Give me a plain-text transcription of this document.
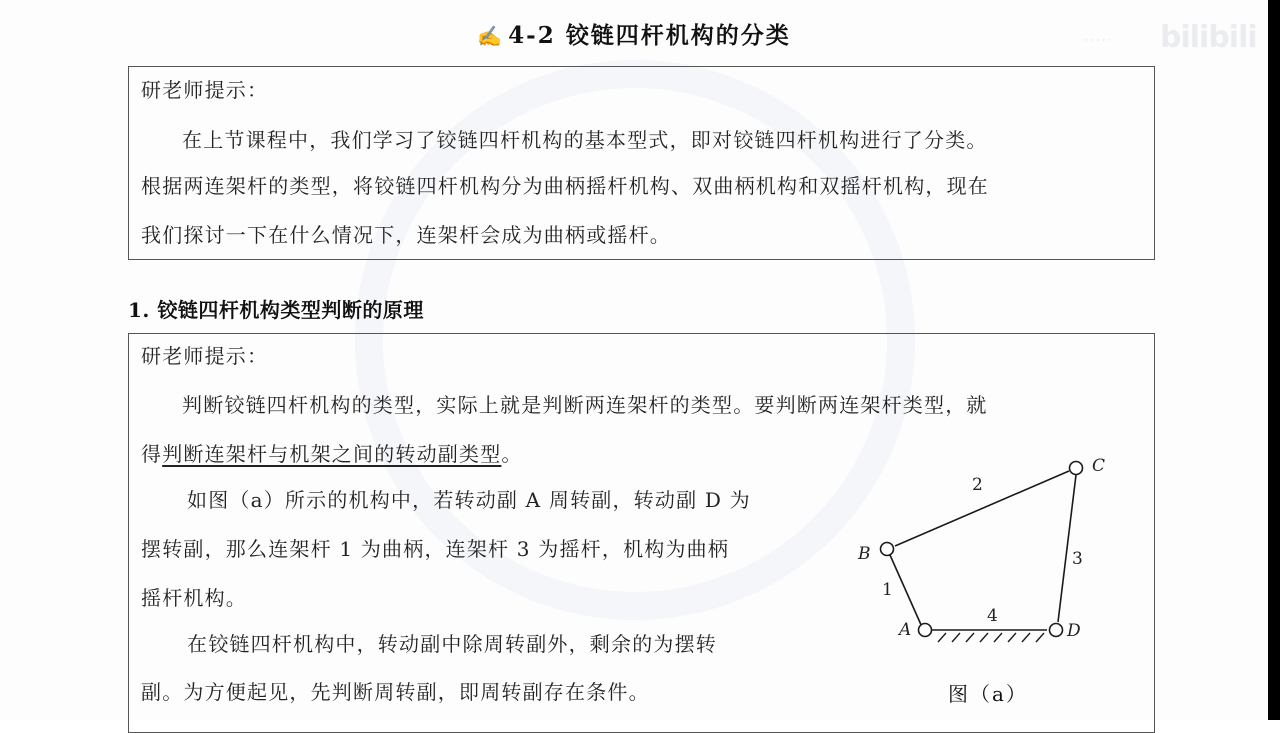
· · · · · bilibili
✍ 4-2 铰链四杆机构的分类
研老师提示：
在上节课程中，我们学习了铰链四杆机构的基本型式，即对铰链四杆机构进行了分类。
根据两连架杆的类型，将铰链四杆机构分为曲柄摇杆机构、双曲柄机构和双摇杆机构，现在
我们探讨一下在什么情况下，连架杆会成为曲柄或摇杆。
1. 铰链四杆机构类型判断的原理
研老师提示：
判断铰链四杆机构的类型，实际上就是判断两连架杆的类型。要判断两连架杆类型，就
得判断连架杆与机架之间的转动副类型。
如图（a）所示的机构中，若转动副 A 周转副，转动副 D 为
摆转副，那么连架杆 1 为曲柄，连架杆 3 为摇杆，机构为曲柄
摇杆机构。
在铰链四杆机构中，转动副中除周转副外，剩余的为摆转
副。为方便起见，先判断周转副，即周转副存在条件。
A
B
C
D
1
2
3
4
图（a）
